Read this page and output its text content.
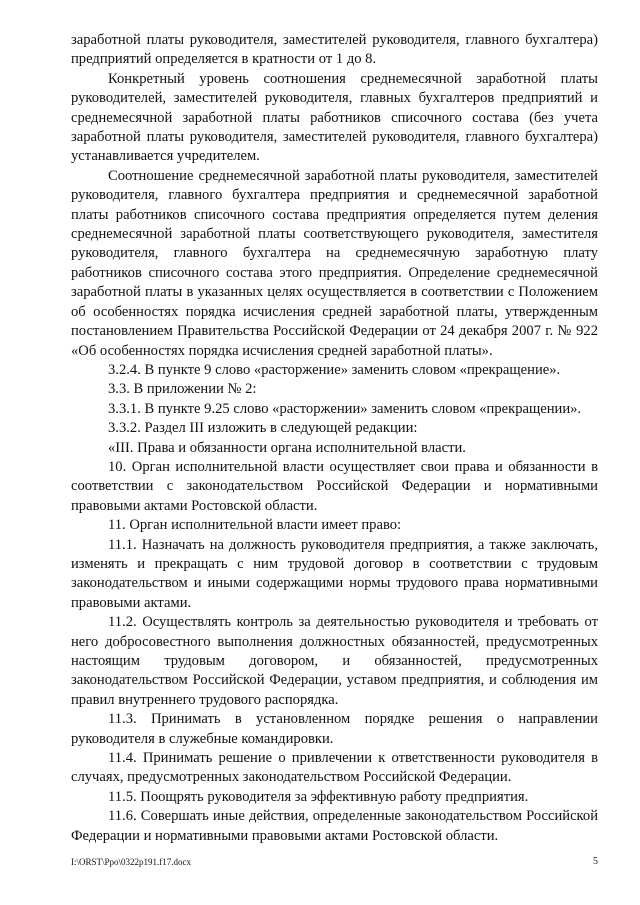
заработной платы руководителя, заместителей руководителя, главного бухгалтера) предприятий определяется в кратности от 1 до 8.

Конкретный уровень соотношения среднемесячной заработной платы руководителей, заместителей руководителя, главных бухгалтеров предприятий и среднемесячной заработной платы работников списочного состава (без учета заработной платы руководителя, заместителей руководителя, главного бухгалтера) устанавливается учредителем.

Соотношение среднемесячной заработной платы руководителя, заместителей руководителя, главного бухгалтера предприятия и среднемесячной заработной платы работников списочного состава предприятия определяется путем деления среднемесячной заработной платы соответствующего руководителя, заместителя руководителя, главного бухгалтера на среднемесячную заработную плату работников списочного состава этого предприятия. Определение среднемесячной заработной платы в указанных целях осуществляется в соответствии с Положением об особенностях порядка исчисления средней заработной платы, утвержденным постановлением Правительства Российской Федерации от 24 декабря 2007 г. № 922 «Об особенностях порядка исчисления средней заработной платы».

3.2.4. В пункте 9 слово «расторжение» заменить словом «прекращение».

3.3. В приложении № 2:

3.3.1. В пункте 9.25 слово «расторжении» заменить словом «прекращении».

3.3.2. Раздел III изложить в следующей редакции:

«III. Права и обязанности органа исполнительной власти.

10. Орган исполнительной власти осуществляет свои права и обязанности в соответствии с законодательством Российской Федерации и нормативными правовыми актами Ростовской области.

11. Орган исполнительной власти имеет право:

11.1. Назначать на должность руководителя предприятия, а также заключать, изменять и прекращать с ним трудовой договор в соответствии с трудовым законодательством и иными содержащими нормы трудового права нормативными правовыми актами.

11.2. Осуществлять контроль за деятельностью руководителя и требовать от него добросовестного выполнения должностных обязанностей, предусмотренных настоящим трудовым договором, и обязанностей, предусмотренных законодательством Российской Федерации, уставом предприятия, и соблюдения им правил внутреннего трудового распорядка.

11.3. Принимать в установленном порядке решения о направлении руководителя в служебные командировки.

11.4. Принимать решение о привлечении к ответственности руководителя в случаях, предусмотренных законодательством Российской Федерации.

11.5. Поощрять руководителя за эффективную работу предприятия.

11.6. Совершать иные действия, определенные законодательством Российской Федерации и нормативными правовыми актами Ростовской области.

I:\ORST\Ppo\0322p191.f17.docx	5
